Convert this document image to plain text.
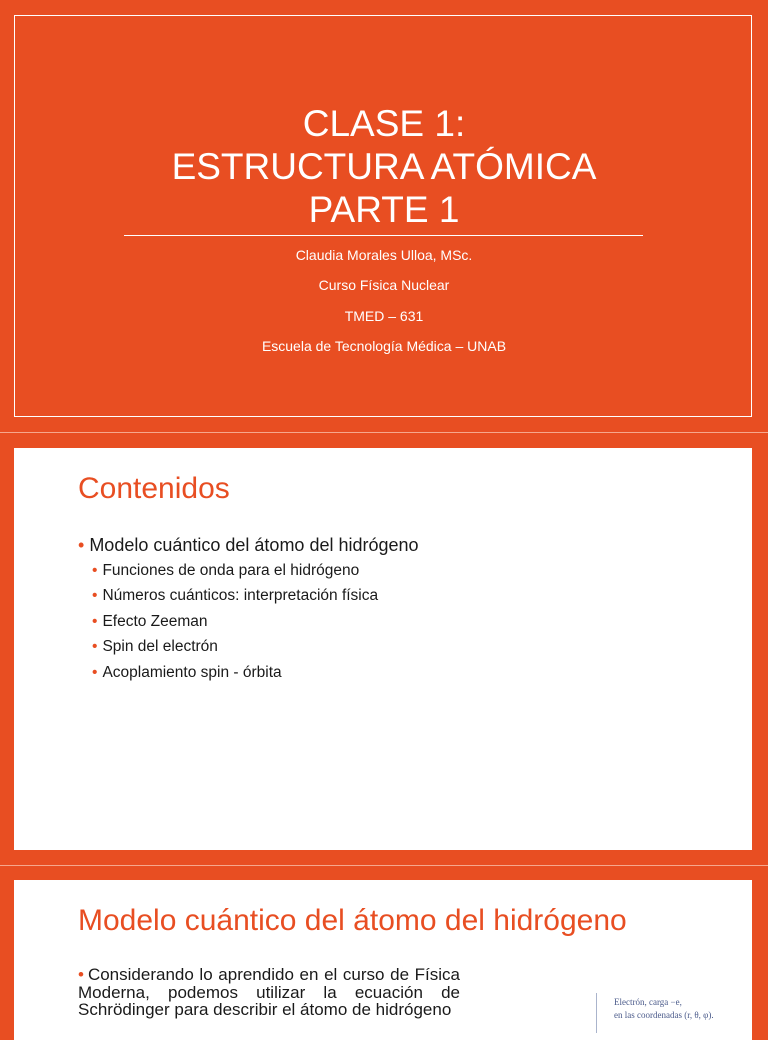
CLASE 1:
ESTRUCTURA ATÓMICA
PARTE 1
Claudia Morales Ulloa, MSc.
Curso Física Nuclear
TMED – 631
Escuela de Tecnología Médica – UNAB
Contenidos
• Modelo cuántico del átomo del hidrógeno
• Funciones de onda para el hidrógeno
• Números cuánticos: interpretación física
• Efecto Zeeman
• Spin del electrón
• Acoplamiento spin - órbita
Modelo cuántico del átomo del hidrógeno
• Considerando lo aprendido en el curso de Física Moderna, podemos utilizar la ecuación de Schrödinger para describir el átomo de hidrógeno	Electrón, carga −e,
en las coordenadas (r, θ, φ).
